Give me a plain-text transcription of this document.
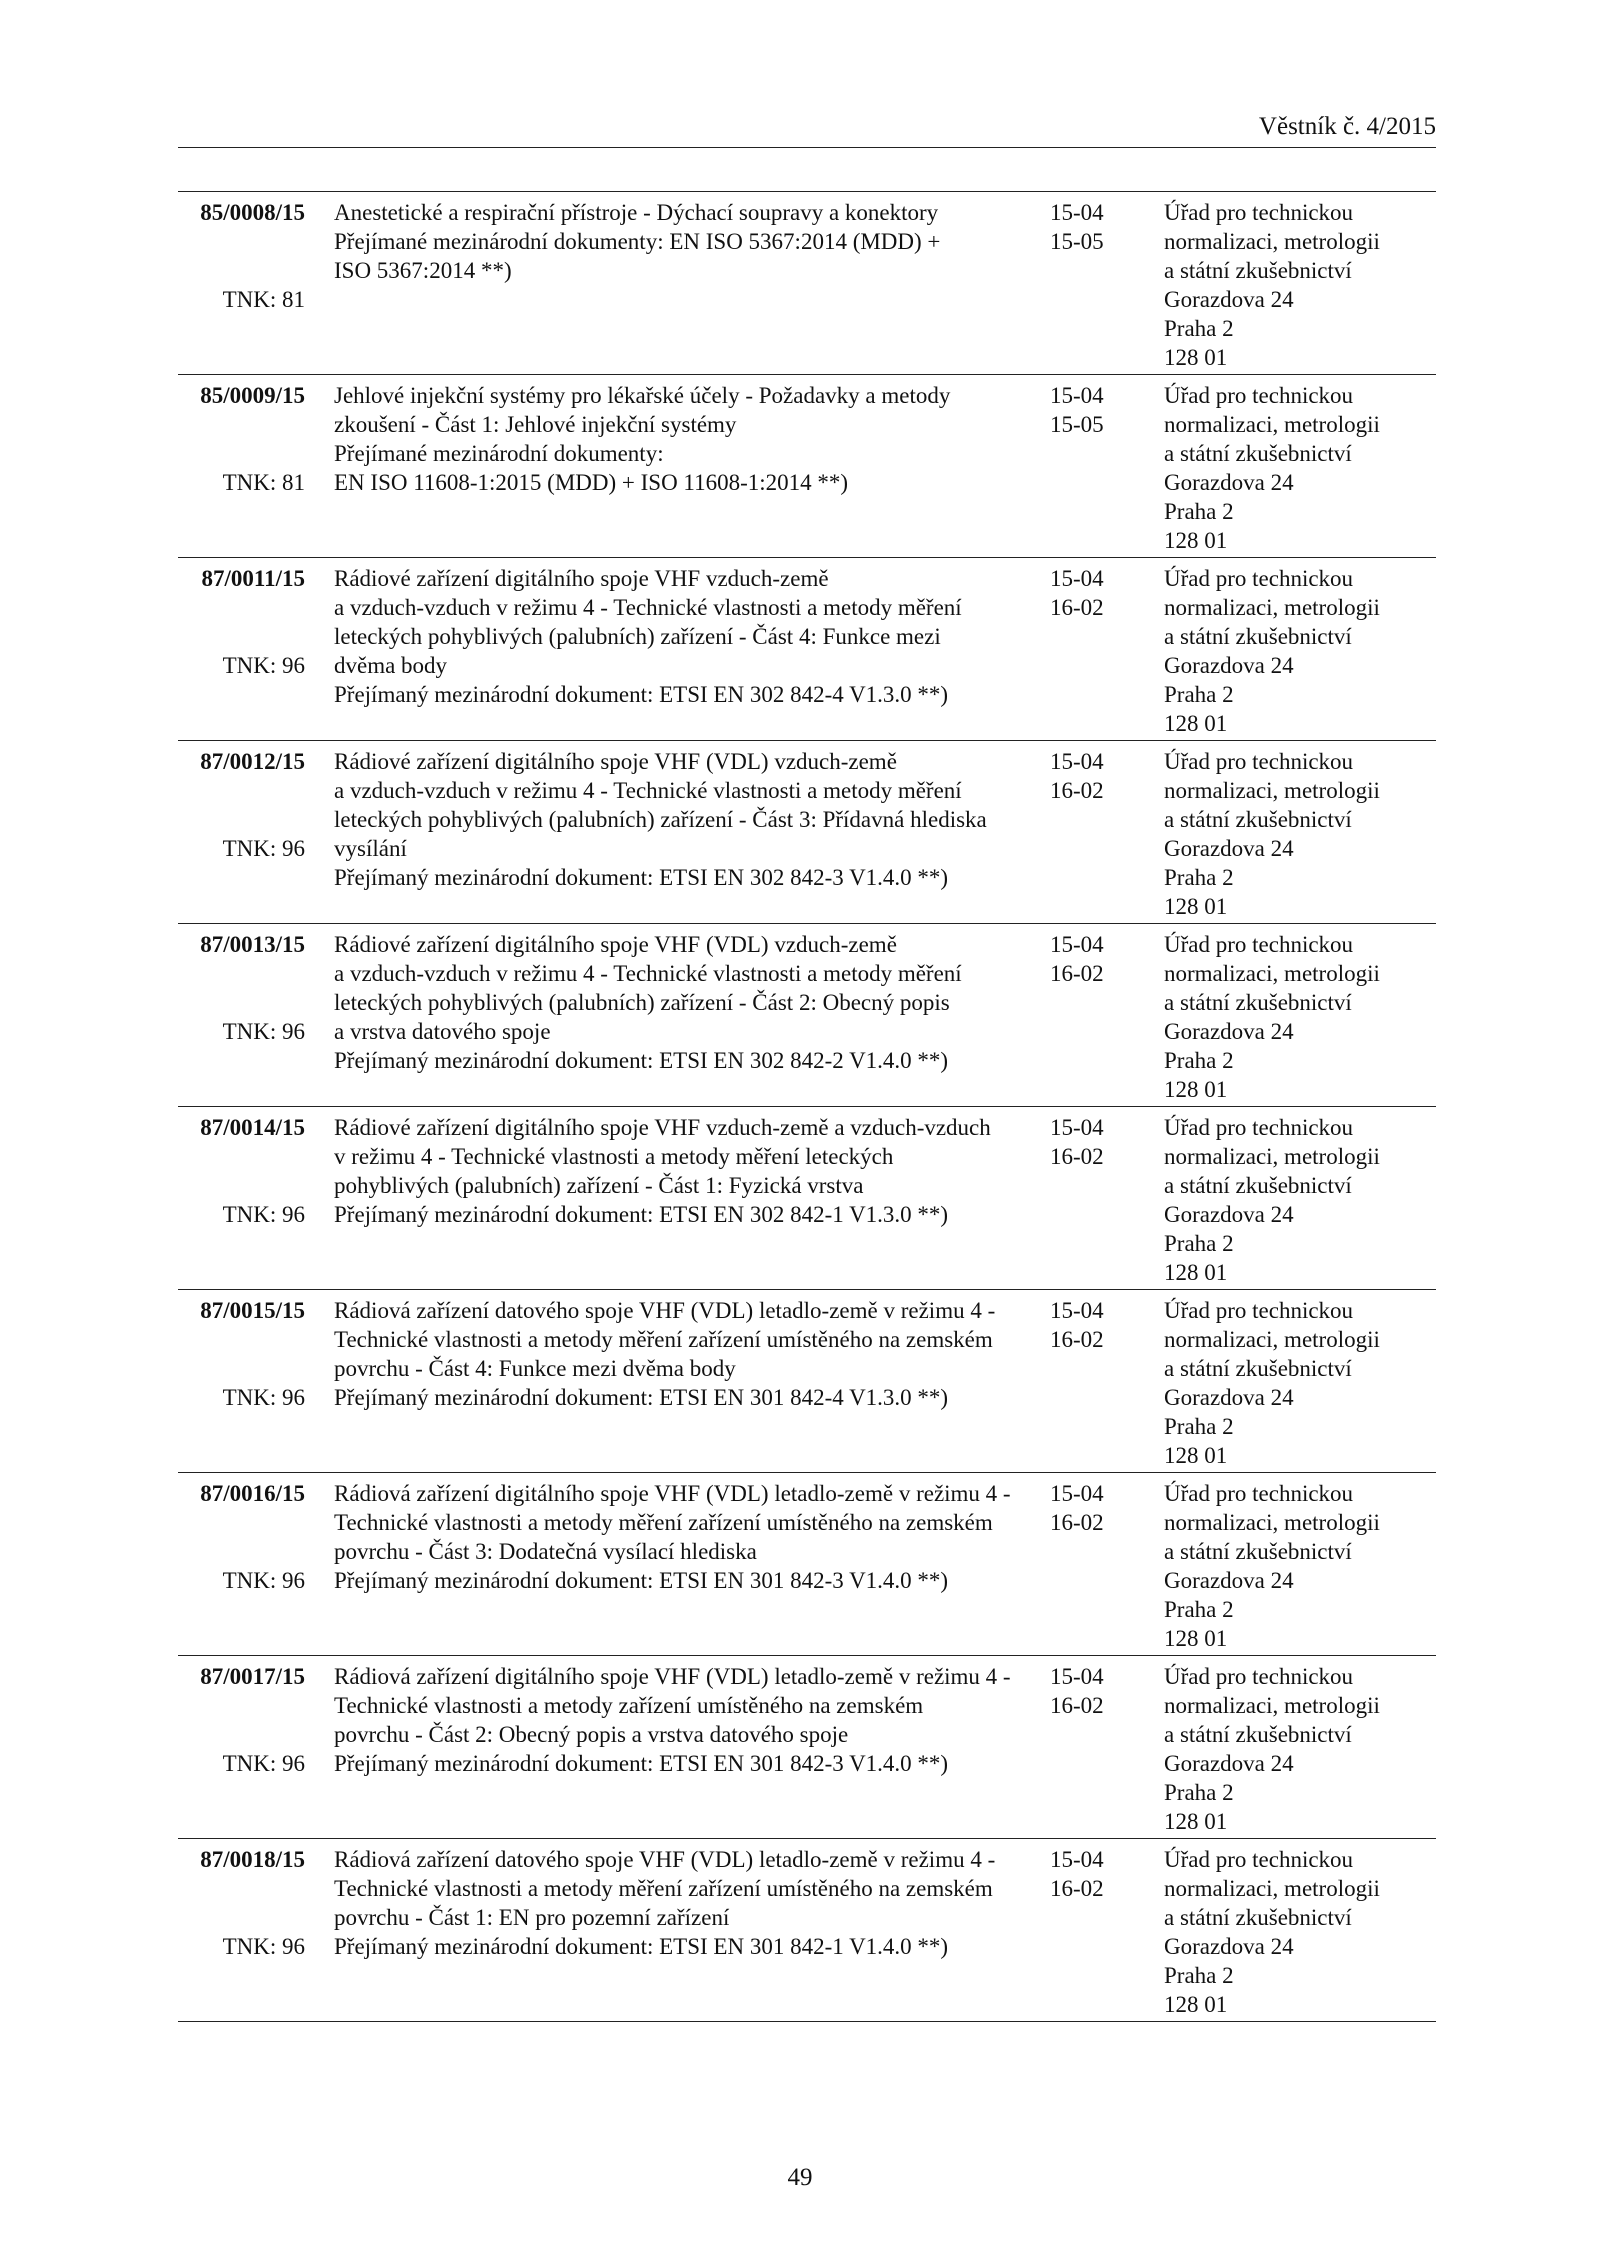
Věstník č. 4/2015
85/0008/15
TNK: 81
Anestetické a respirační přístroje - Dýchací soupravy a konektory
Přejímané mezinárodní dokumenty: EN ISO 5367:2014 (MDD) +
ISO 5367:2014 **)
15-04
15-05
Úřad pro technickou
normalizaci, metrologii
a státní zkušebnictví
Gorazdova 24
Praha 2
128 01
85/0009/15
TNK: 81
Jehlové injekční systémy pro lékařské účely - Požadavky a metody
zkoušení - Část 1: Jehlové injekční systémy
Přejímané mezinárodní dokumenty:
EN ISO 11608-1:2015 (MDD) + ISO 11608-1:2014 **)
15-04
15-05
Úřad pro technickou
normalizaci, metrologii
a státní zkušebnictví
Gorazdova 24
Praha 2
128 01
87/0011/15
TNK: 96
Rádiové zařízení digitálního spoje VHF vzduch-země
a vzduch-vzduch v režimu 4 - Technické vlastnosti a metody měření
leteckých pohyblivých (palubních) zařízení - Část 4: Funkce mezi
dvěma body
Přejímaný mezinárodní dokument: ETSI EN 302 842-4 V1.3.0 **)
15-04
16-02
Úřad pro technickou
normalizaci, metrologii
a státní zkušebnictví
Gorazdova 24
Praha 2
128 01
87/0012/15
TNK: 96
Rádiové zařízení digitálního spoje VHF (VDL) vzduch-země
a vzduch-vzduch v režimu 4 - Technické vlastnosti a metody měření
leteckých pohyblivých (palubních) zařízení - Část 3: Přídavná hlediska
vysílání
Přejímaný mezinárodní dokument: ETSI EN 302 842-3 V1.4.0 **)
15-04
16-02
Úřad pro technickou
normalizaci, metrologii
a státní zkušebnictví
Gorazdova 24
Praha 2
128 01
87/0013/15
TNK: 96
Rádiové zařízení digitálního spoje VHF (VDL) vzduch-země
a vzduch-vzduch v režimu 4 - Technické vlastnosti a metody měření
leteckých pohyblivých (palubních) zařízení - Část 2: Obecný popis
a vrstva datového spoje
Přejímaný mezinárodní dokument: ETSI EN 302 842-2 V1.4.0 **)
15-04
16-02
Úřad pro technickou
normalizaci, metrologii
a státní zkušebnictví
Gorazdova 24
Praha 2
128 01
87/0014/15
TNK: 96
Rádiové zařízení digitálního spoje VHF vzduch-země a vzduch-vzduch
v režimu 4 - Technické vlastnosti a metody měření leteckých
pohyblivých (palubních) zařízení - Část 1: Fyzická vrstva
Přejímaný mezinárodní dokument: ETSI EN 302 842-1 V1.3.0 **)
15-04
16-02
Úřad pro technickou
normalizaci, metrologii
a státní zkušebnictví
Gorazdova 24
Praha 2
128 01
87/0015/15
TNK: 96
Rádiová zařízení datového spoje VHF (VDL) letadlo-země v režimu 4 -
Technické vlastnosti a metody měření zařízení umístěného na zemském
povrchu - Část 4: Funkce mezi dvěma body
Přejímaný mezinárodní dokument: ETSI EN 301 842-4 V1.3.0 **)
15-04
16-02
Úřad pro technickou
normalizaci, metrologii
a státní zkušebnictví
Gorazdova 24
Praha 2
128 01
87/0016/15
TNK: 96
Rádiová zařízení digitálního spoje VHF (VDL) letadlo-země v režimu 4 -
Technické vlastnosti a metody měření zařízení umístěného na zemském
povrchu - Část 3: Dodatečná vysílací hlediska
Přejímaný mezinárodní dokument: ETSI EN 301 842-3 V1.4.0 **)
15-04
16-02
Úřad pro technickou
normalizaci, metrologii
a státní zkušebnictví
Gorazdova 24
Praha 2
128 01
87/0017/15
TNK: 96
Rádiová zařízení digitálního spoje VHF (VDL) letadlo-země v režimu 4 -
Technické vlastnosti a metody zařízení umístěného na zemském
povrchu - Část 2: Obecný popis a vrstva datového spoje
Přejímaný mezinárodní dokument: ETSI EN 301 842-3 V1.4.0 **)
15-04
16-02
Úřad pro technickou
normalizaci, metrologii
a státní zkušebnictví
Gorazdova 24
Praha 2
128 01
87/0018/15
TNK: 96
Rádiová zařízení datového spoje VHF (VDL) letadlo-země v režimu 4 -
Technické vlastnosti a metody měření zařízení umístěného na zemském
povrchu - Část 1: EN pro pozemní zařízení
Přejímaný mezinárodní dokument: ETSI EN 301 842-1 V1.4.0 **)
15-04
16-02
Úřad pro technickou
normalizaci, metrologii
a státní zkušebnictví
Gorazdova 24
Praha 2
128 01
49
